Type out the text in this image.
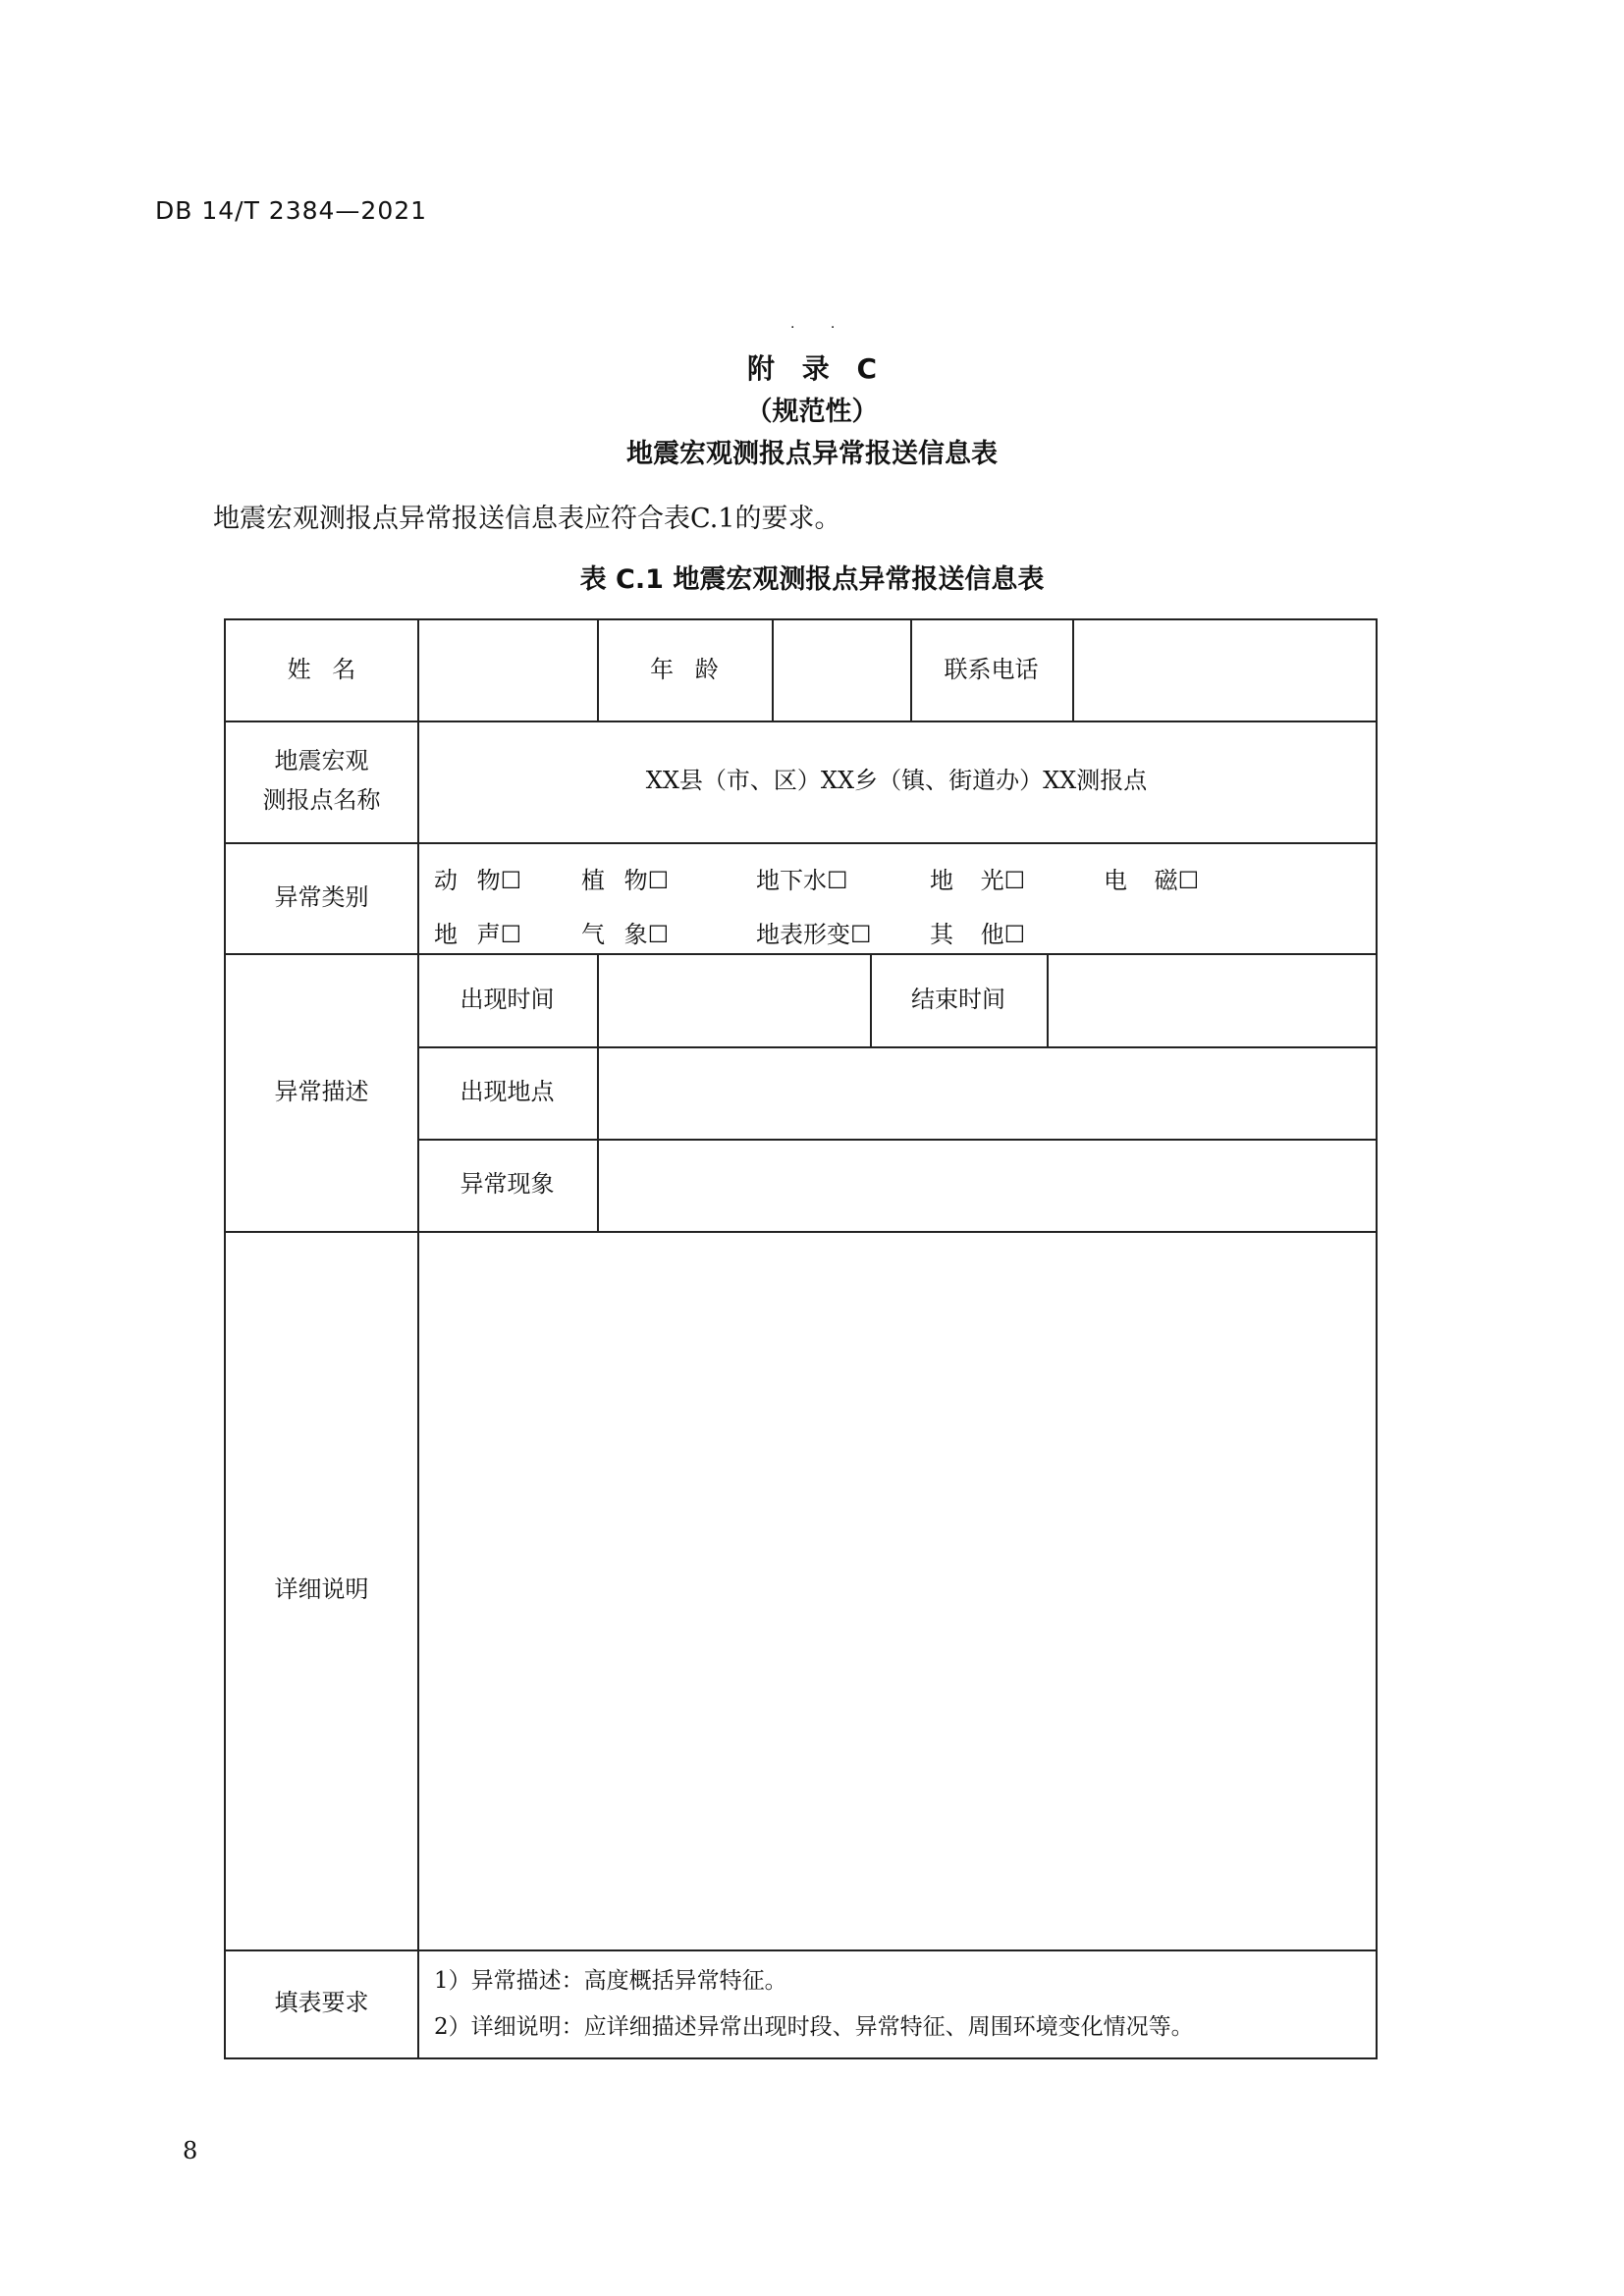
DB 14/T 2384—2021
· ·
附 录 C
（规范性）
地震宏观测报点异常报送信息表
地震宏观测报点异常报送信息表应符合表C.1的要求。
表 C.1 地震宏观测报点异常报送信息表
姓 名	年 龄	联系电话
地震宏观
测报点名称
XX县（市、区）XX乡（镇、街道办）XX测报点
异常类别
动 物☐	植 物☐	地下水☐	地 光☐	电 磁☐
地 声☐	气 象☐	地表形变☐ 其 他☐
异常描述
出现时间	结束时间
出现地点
异常现象
详细说明
填表要求
1）异常描述：高度概括异常特征。
2）详细说明：应详细描述异常出现时段、异常特征、周围环境变化情况等。
8
